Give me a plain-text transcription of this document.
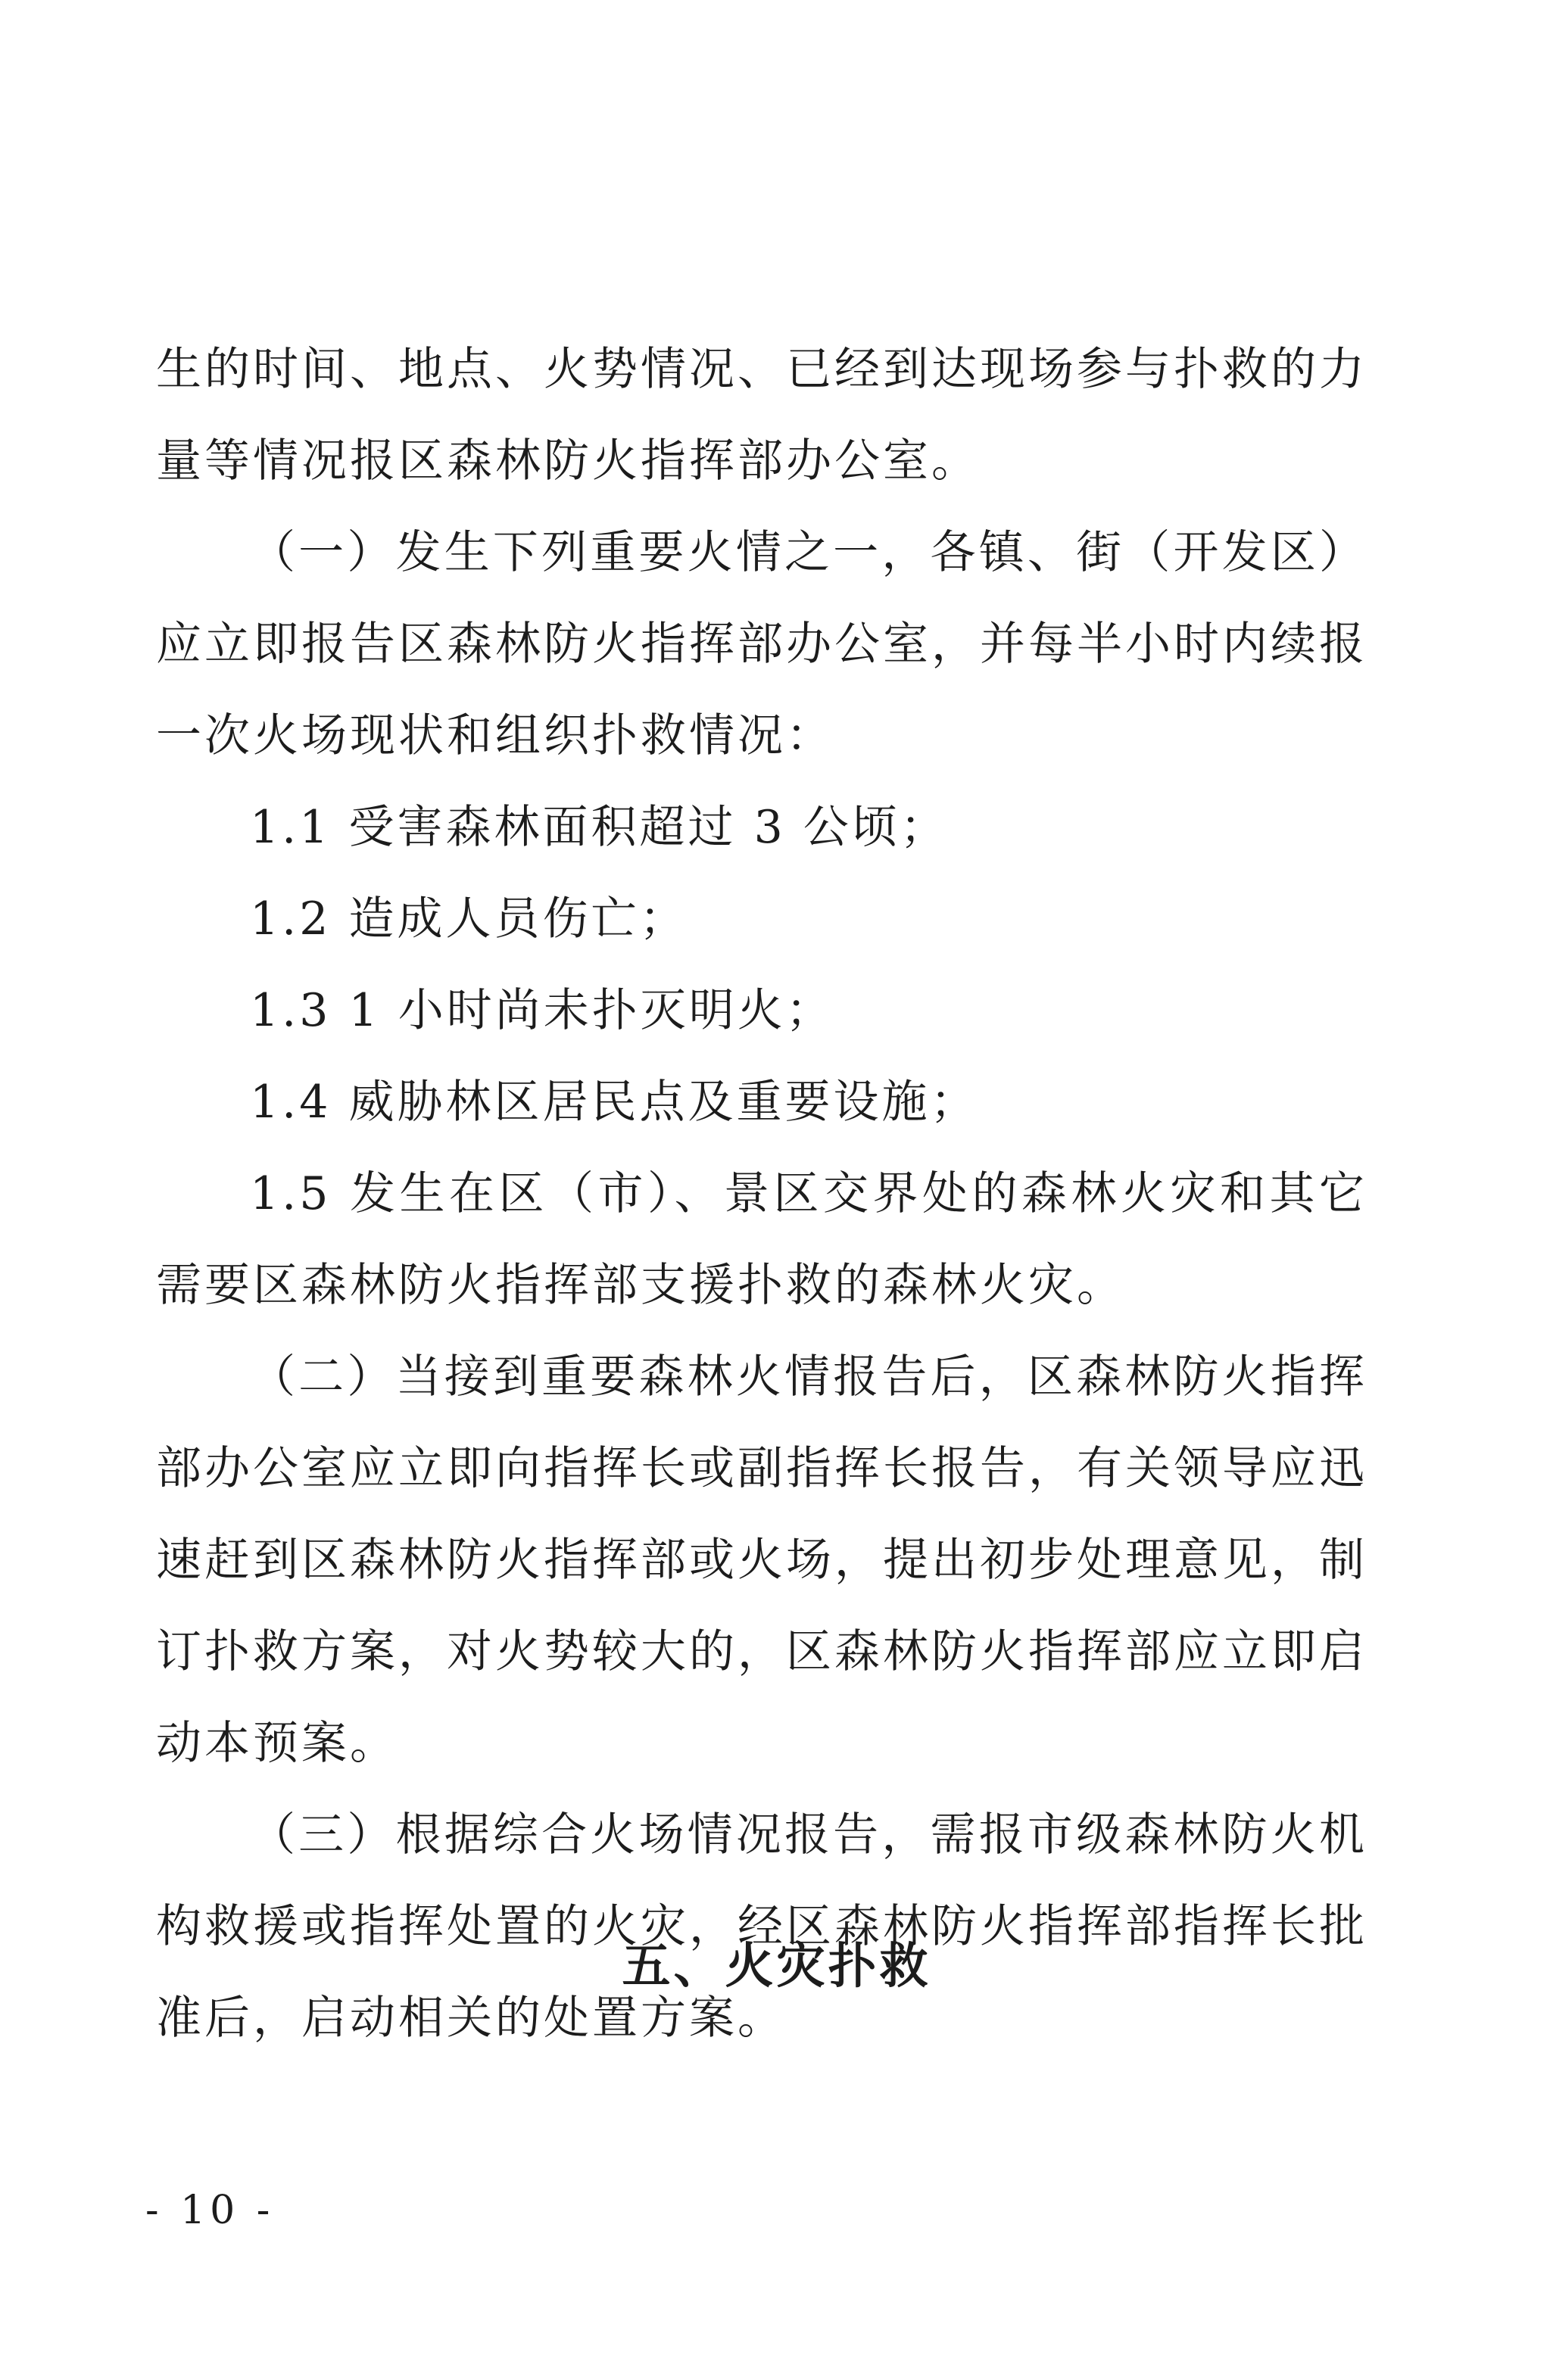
生的时间、地点、火势情况、已经到达现场参与扑救的力量等情况报区森林防火指挥部办公室。

（一）发生下列重要火情之一，各镇、街（开发区）应立即报告区森林防火指挥部办公室，并每半小时内续报一次火场现状和组织扑救情况：

1.1 受害森林面积超过 3 公顷；

1.2 造成人员伤亡；

1.3 1 小时尚未扑灭明火；

1.4 威胁林区居民点及重要设施；

1.5 发生在区（市）、景区交界处的森林火灾和其它需要区森林防火指挥部支援扑救的森林火灾。

（二）当接到重要森林火情报告后，区森林防火指挥部办公室应立即向指挥长或副指挥长报告，有关领导应迅速赶到区森林防火指挥部或火场，提出初步处理意见，制订扑救方案，对火势较大的，区森林防火指挥部应立即启动本预案。

（三）根据综合火场情况报告，需报市级森林防火机构救援或指挥处置的火灾，经区森林防火指挥部指挥长批准后，启动相关的处置方案。

五、火灾扑救
- 10 -
